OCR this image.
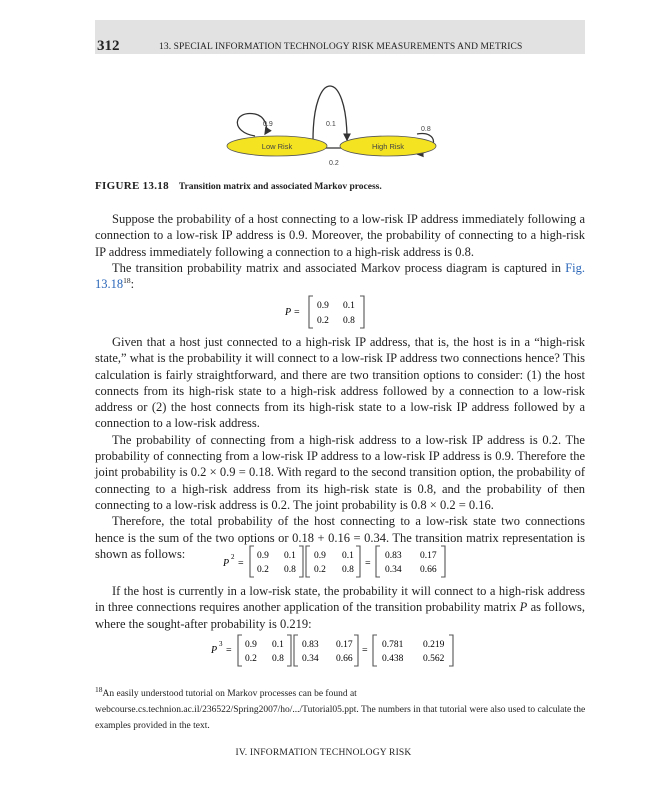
312	13. SPECIAL INFORMATION TECHNOLOGY RISK MEASUREMENTS AND METRICS
Low Risk	High Risk
0.9	0.1
0.8
0.2
FIGURE 13.18 Transition matrix and associated Markov process.

Suppose the probability of a host connecting to a low-risk IP address immediately following a connection to a low-risk IP address is 0.9. Moreover, the probability of connecting to a high-risk IP address immediately following a connection to a high-risk address is 0.8.

The transition probability matrix and associated Markov process diagram is captured in Fig. 13.18$^{18}$:

P =
0.9 0.1
0.2 0.8

Given that a host just connected to a high-risk IP address, that is, the host is in a “high-risk state,” what is the probability it will connect to a low-risk IP address two connections hence? This calculation is fairly straightforward, and there are two transition options to consider: (1) the host connects from its high-risk state to a high-risk address followed by a connection to a low-risk address or (2) the host connects from its high-risk state to a low-risk IP address followed by a connection to a low-risk address.

The probability of connecting from a high-risk address to a low-risk IP address is 0.2. The probability of connecting from a low-risk IP address to a low-risk IP address is 0.9. Therefore the joint probability is 0.2 × 0.9 = 0.18. With regard to the second transition option, the probability of connecting to a high-risk address from its high-risk state is 0.8, and the probability of then connecting to a low-risk address is 0.2. The joint probability is 0.8 × 0.2 = 0.16.

Therefore, the total probability of the host connecting to a low-risk state two connections hence is the sum of the two options or 0.18 + 0.16 = 0.34. The transition matrix representation is shown as follows:

P
2
=
0.9 0.1
0.2 0.8
0.9 0.1
0.2 0.8
=
0.83 0.17
0.34 0.66

If the host is currently in a low-risk state, the probability it will connect to a high-risk address in three connections requires another application of the transition probability matrix P as follows, where the sought-after probability is 0.219:

P
3
= 0.9 0.1
0.2 0.8
0.83 0.17
0.34 0.66
= 0.781 0.219
0.438 0.562
$^{18}$An easily understood tutorial on Markov processes can be found at webcourse.cs.technion.ac.il/236522/Spring2007/ho/.../Tutorial05.ppt. The numbers in that tutorial were also used to calculate the examples provided in the text.
IV. INFORMATION TECHNOLOGY RISK
